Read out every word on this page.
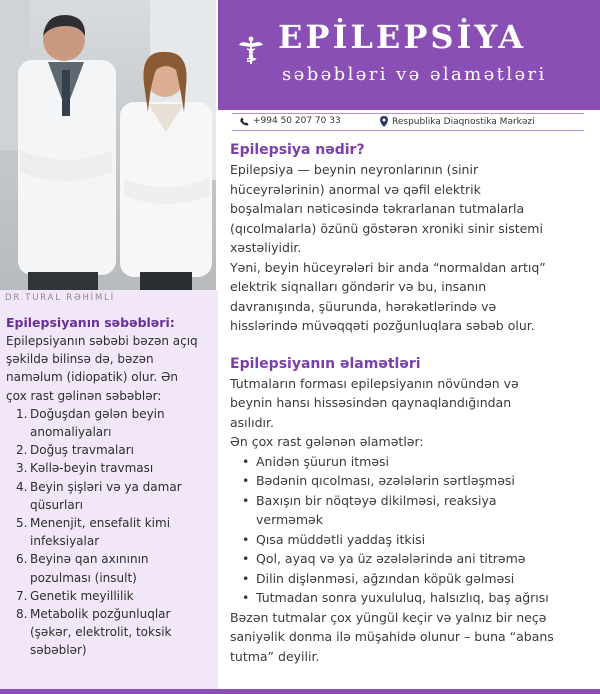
EPİLEPSİYA
səbəbləri və əlamətləri
+994 50 207 70 33	Respublika Diaqnostika Mərkəzi
Epilepsiya nədir?

Epilepsiya — beynin neyronlarının (sinir
hüceyrələrinin) anormal və qəfil elektrik
boşalmaları nəticəsində təkrarlanan tutmalarla
(qıcolmalarla) özünü göstərən xroniki sinir sistemi
xəstəliyidir.

Yəni, beyin hüceyrələri bir anda “normaldan artıq”
elektrik siqnalları göndərir və bu, insanın
davranışında, şüurunda, hərəkətlərində və
hisslərində müvəqqəti pozğunluqlara səbəb olur.

Epilepsiyanın əlamətləri

Tutmaların forması epilepsiyanın növündən və
beynin hansı hissəsindən qaynaqlandığından
asılıdır.

Ən çox rast gələnən əlamətlər:

• Anidən şüurun itməsi
• Bədənin qıcolması, əzələlərin sərtləşməsi
• Baxışın bir nöqtəyə dikilməsi, reaksiya
verməmək
• Qısa müddətli yaddaş itkisi
• Qol, ayaq və ya üz əzələlərində ani titrəmə
• Dilin dişlənməsi, ağzından köpük gəlməsi
• Tutmadan sonra yuxululuq, halsızlıq, baş ağrısı

Bəzən tutmalar çox yüngül keçir və yalnız bir neçə
saniyəlik donma ilə müşahidə olunur – buna “abans
tutma” deyilir.

DR.TURAL RƏHİMLİ
Epilepsiyanın səbəbləri:

Epilepsiyanın səbəbi bəzən açıq
şəkildə bilinsə də, bəzən
naməlum (idiopatik) olur. Ən
çox rast gəlinən səbəblər:

1. Doğuşdan gələn beyin
anomaliyaları
2. Doğuş travmaları
3. Kəllə-beyin travması
4. Beyin şişləri və ya damar
qüsurları
5. Menenjit, ensefalit kimi
infeksiyalar
6. Beyinə qan axınının
pozulması (insult)
7. Genetik meyillilik
8. Metabolik pozğunluqlar
(şəkər, elektrolit, toksik
səbəblər)
